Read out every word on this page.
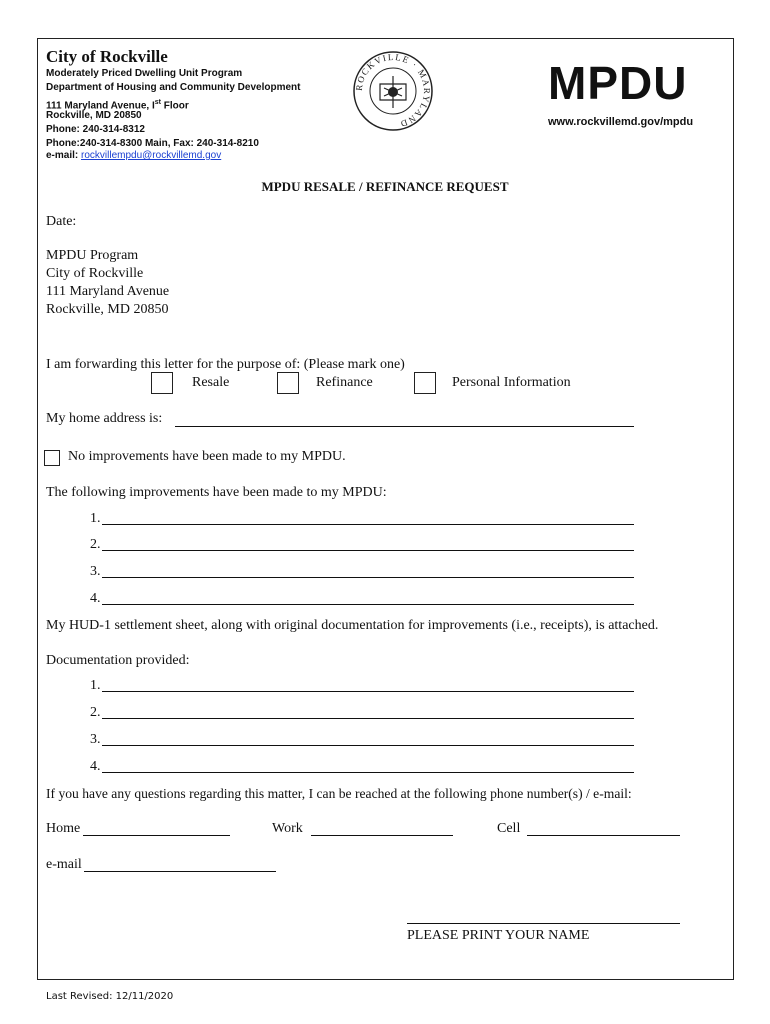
City of Rockville
Moderately Priced Dwelling Unit Program
Department of Housing and Community Development
111 Maryland Avenue, Ist Floor
Rockville, MD 20850
Phone: 240-314-8312
Phone:240-314-8300 Main, Fax: 240-314-8210
e-mail: rockvillempdu@rockvillemd.gov
ROCKVILLE · MARYLAND
MPDU
www.rockvillemd.gov/mpdu
MPDU RESALE / REFINANCE REQUEST
Date:
MPDU Program
City of Rockville
111 Maryland Avenue
Rockville, MD 20850
I am forwarding this letter for the purpose of: (Please mark one)
Resale	Refinance	Personal Information
My home address is:
No improvements have been made to my MPDU.
The following improvements have been made to my MPDU:
1.
2.
3.
4.
My HUD-1 settlement sheet, along with original documentation for improvements (i.e., receipts), is attached.
Documentation provided:
1.
2.
3.
4.
If you have any questions regarding this matter, I can be reached at the following phone number(s) / e-mail:
Home	Work	Cell
e-mail
PLEASE PRINT YOUR NAME
Last Revised: 12/11/2020
